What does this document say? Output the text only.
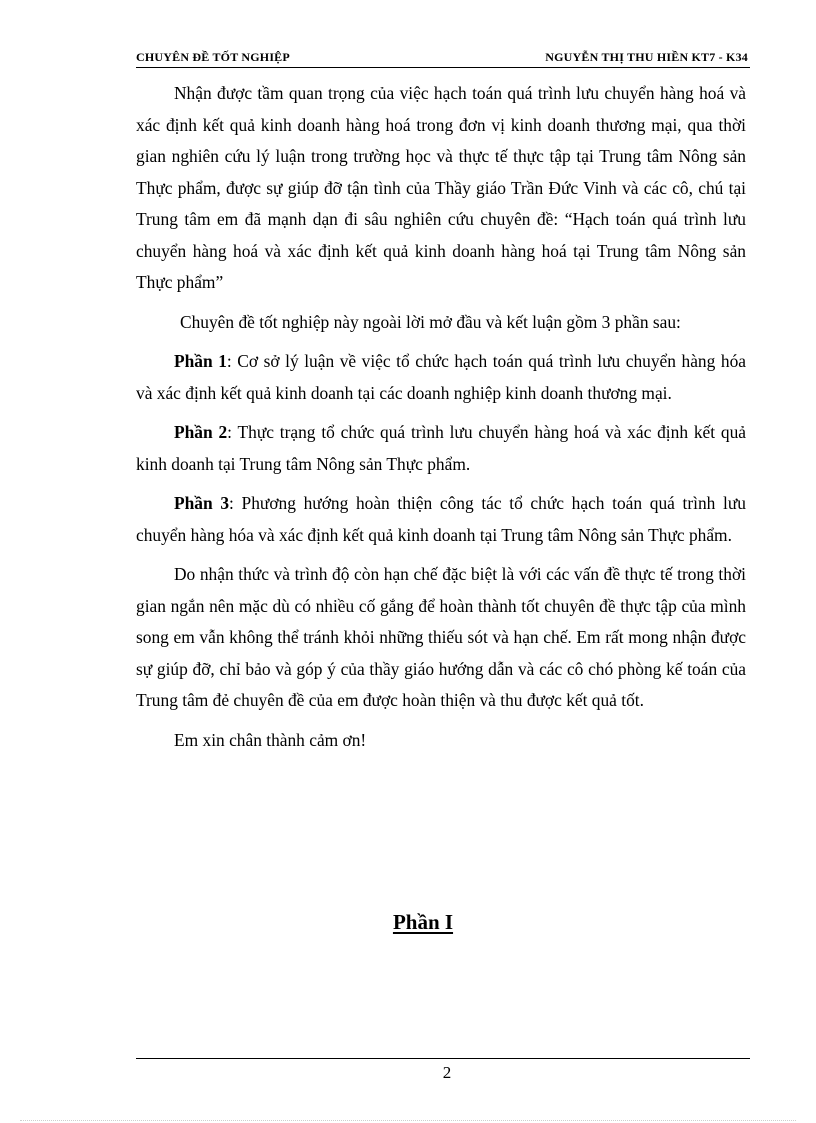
CHUYÊN ĐỀ TỐT NGHIỆP	NGUYỄN THỊ THU HIỀN KT7 - K34

Nhận được tầm quan trọng của việc hạch toán quá trình lưu chuyển hàng hoá và xác định kết quả kinh doanh hàng hoá trong đơn vị kinh doanh thương mại, qua thời gian nghiên cứu lý luận trong trường học và thực tế thực tập tại Trung tâm Nông sản Thực phẩm, được sự giúp đỡ tận tình của Thầy giáo Trần Đức Vinh và các cô, chú tại Trung tâm em đã mạnh dạn đi sâu nghiên cứu chuyên đề: “Hạch toán quá trình lưu chuyển hàng hoá và xác định kết quả kinh doanh hàng hoá tại Trung tâm Nông sản Thực phẩm”

Chuyên đề tốt nghiệp này ngoài lời mở đầu và kết luận gồm 3 phần sau:

Phần 1: Cơ sở lý luận về việc tổ chức hạch toán quá trình lưu chuyển hàng hóa và xác định kết quả kinh doanh tại các doanh nghiệp kinh doanh thương mại.

Phần 2: Thực trạng tổ chức quá trình lưu chuyển hàng hoá và xác định kết quả kinh doanh tại Trung tâm Nông sản Thực phẩm.

Phần 3: Phương hướng hoàn thiện công tác tổ chức hạch toán quá trình lưu chuyển hàng hóa và xác định kết quả kinh doanh tại Trung tâm Nông sản Thực phẩm.

Do nhận thức và trình độ còn hạn chế đặc biệt là với các vấn đề thực tế trong thời gian ngắn nên mặc dù có nhiều cố gắng để hoàn thành tốt chuyên đề thực tập của mình song em vẫn không thể tránh khỏi những thiếu sót và hạn chế. Em rất mong nhận được sự giúp đỡ, chỉ bảo và góp ý của thầy giáo hướng dẫn và các cô chó phòng kế toán của Trung tâm đẻ chuyên đề của em được hoàn thiện và thu được kết quả tốt.

Em xin chân thành cảm ơn!

Phần I
2
